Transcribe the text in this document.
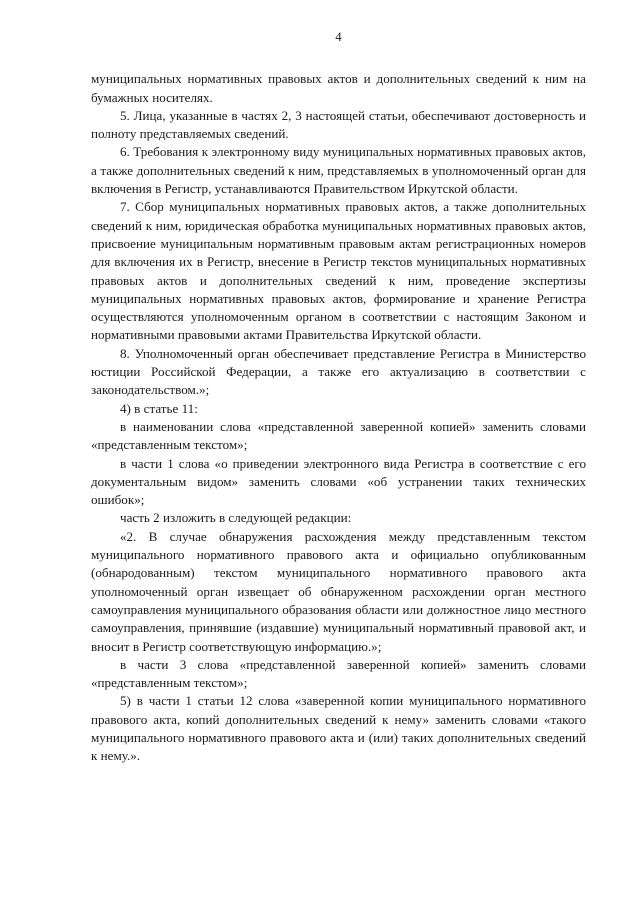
4

муниципальных нормативных правовых актов и дополнительных сведений к ним на бумажных носителях.

5. Лица, указанные в частях 2, 3 настоящей статьи, обеспечивают достоверность и полноту представляемых сведений.

6. Требования к электронному виду муниципальных нормативных правовых актов, а также дополнительных сведений к ним, представляемых в уполномоченный орган для включения в Регистр, устанавливаются Правительством Иркутской области.

7. Сбор муниципальных нормативных правовых актов, а также дополнительных сведений к ним, юридическая обработка муниципальных нормативных правовых актов, присвоение муниципальным нормативным правовым актам регистрационных номеров для включения их в Регистр, внесение в Регистр текстов муниципальных нормативных правовых актов и дополнительных сведений к ним, проведение экспертизы муниципальных нормативных правовых актов, формирование и хранение Регистра осуществляются уполномоченным органом в соответствии с настоящим Законом и нормативными правовыми актами Правительства Иркутской области.

8. Уполномоченный орган обеспечивает представление Регистра в Министерство юстиции Российской Федерации, а также его актуализацию в соответствии с законодательством.»;

4) в статье 11:

в наименовании слова «представленной заверенной копией» заменить словами «представленным текстом»;

в части 1 слова «о приведении электронного вида Регистра в соответствие с его документальным видом» заменить словами «об устранении таких технических ошибок»;

часть 2 изложить в следующей редакции:

«2. В случае обнаружения расхождения между представленным текстом муниципального нормативного правового акта и официально опубликованным (обнародованным) текстом муниципального нормативного правового акта уполномоченный орган извещает об обнаруженном расхождении орган местного самоуправления муниципального образования области или должностное лицо местного самоуправления, принявшие (издавшие) муниципальный нормативный правовой акт, и вносит в Регистр соответствующую информацию.»;

в части 3 слова «представленной заверенной копией» заменить словами «представленным текстом»;

5) в части 1 статьи 12 слова «заверенной копии муниципального нормативного правового акта, копий дополнительных сведений к нему» заменить словами «такого муниципального нормативного правового акта и (или) таких дополнительных сведений к нему.».
